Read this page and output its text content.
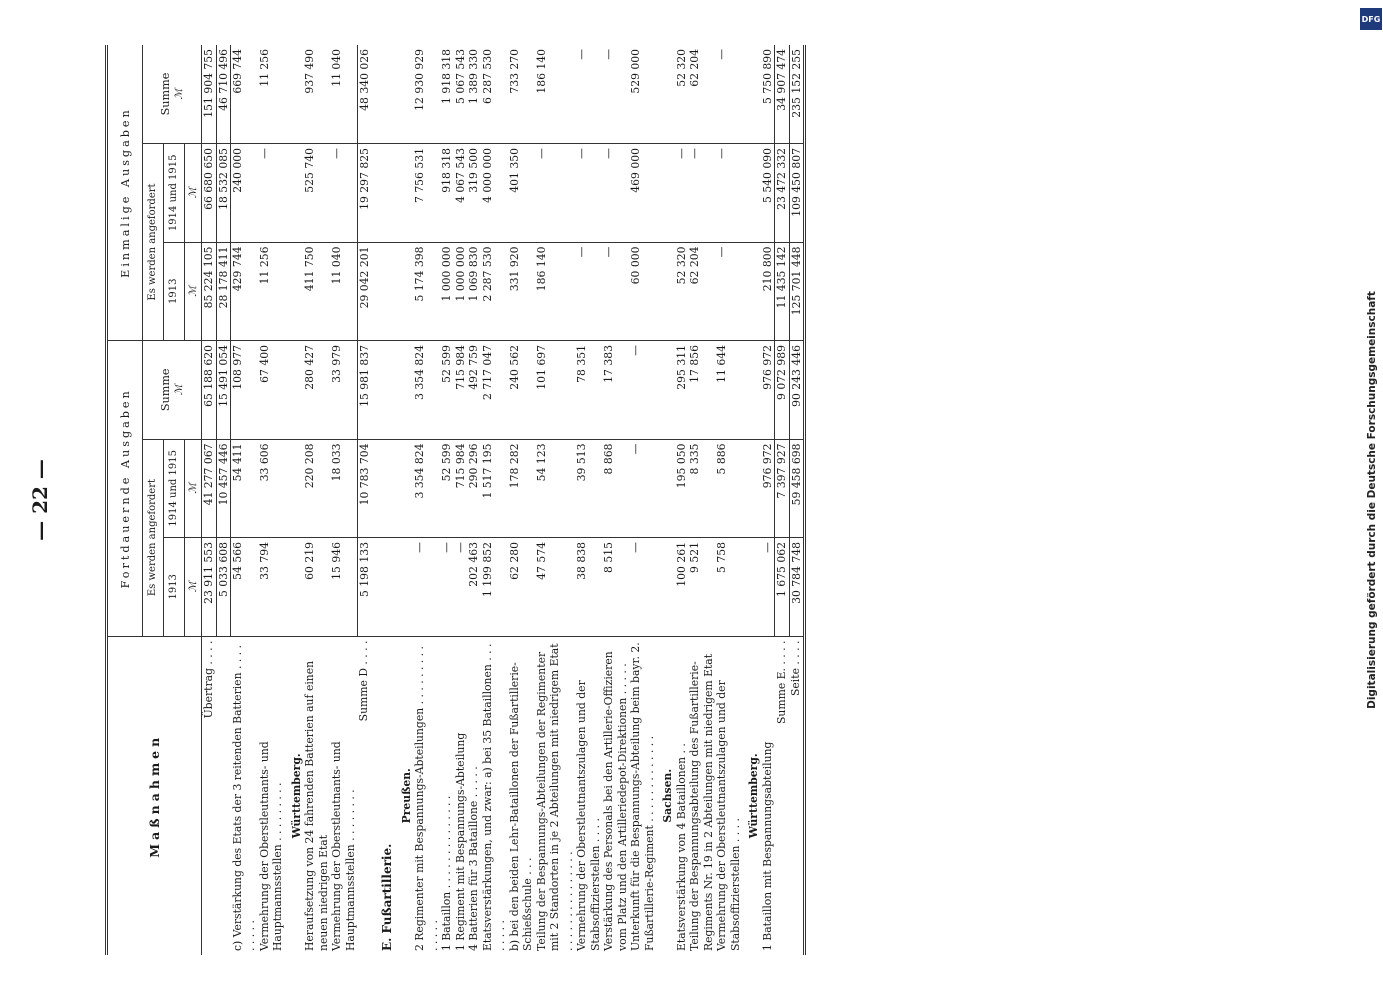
— 22 —
DFG
Digitalisierung gefördert durch die Deutsche Forschungsgemeinschaft
Maßnahmen	Fortdauernde Ausgaben			Einmalige Ausgaben		
	Es werden angefordert		Summe ℳ	Es werden angefordert		Summe ℳ
	1913	1914 und 1915		1913	1914 und 1915	
	ℳ	ℳ		ℳ	ℳ	
Übertrag . . . .	23 911 553	41 277 067	65 188 620	85 224 105	66 680 650	151 904 755
	5 033 608	10 457 446	15 491 054	28 178 411	18 532 085	46 710 496
c) Verstärkung des Etats der 3 reitenden Batterien . . . . . . . . .	54 566	54 411	108 977	429 744	240 000	669 744
Vermehrung der Oberstleutnants- und Hauptmannsstellen . . . . . . . . .	33 794	33 606	67 400	11 256	—	11 256
Württemberg.						
Heraufsetzung von 24 fahrenden Batterien auf einen neuen niedrigen Etat	60 219	220 208	280 427	411 750	525 740	937 490
Vermehrung der Oberstleutnants- und Hauptmannsstellen . . . . . . . .	15 946	18 033	33 979	11 040	—	11 040
Summe D . . . .	5 198 133	10 783 704	15 981 837	29 042 201	19 297 825	48 340 026
E. Fußartillerie.						
Preußen.						
2 Regimenter mit Bespannungs-Abteilungen . . . . . . . . . . . . . .	—	3 354 824	3 354 824	5 174 398	7 756 531	12 930 929
1 Bataillon . . . . . . . . . . . . . .	—	52 599	52 599	1 000 000	918 318	1 918 318
1 Regiment mit Bespannungs-Abteilung	—	715 984	715 984	1 000 000	4 067 543	5 067 543
4 Batterien für 3 Bataillone . . . . .	202 463	290 296	492 759	1 069 830	319 500	1 389 330
Etatsverstärkungen, und zwar: a) bei 35 Bataillonen . . . . . . . .	1 199 852	1 517 195	2 717 047	2 287 530	4 000 000	6 287 530
b) bei den beiden Lehr-Bataillonen der Fußartillerie-Schießschule . . .	62 280	178 282	240 562	331 920	401 350	733 270
Teilung der Bespannungs-Abteilungen der Regimenter mit 2 Standorten in je 2 Abteilungen mit niedrigem Etat . . . . . . . . . . . . . . .	47 574	54 123	101 697	186 140	—	186 140
Vermehrung der Oberstleutnantszulagen und der Stabsoffizierstellen . . . .	38 838	39 513	78 351	—	—	—
Verstärkung des Personals bei den Artillerie-Offizieren vom Platz und den Artilleriedepot-Direktionen . . . . .	8 515	8 868	17 383	—	—	—
Unterkunft für die Bespannungs-Abteilung beim bayr. 2. Fußartillerie-Regiment . . . . . . . . . . . . .	—	—	—	60 000	469 000	529 000
Sachsen.						
Etatsverstärkung von 4 Bataillonen . .	100 261	195 050	295 311	52 320	—	52 320
Teilung der Bespannungsabteilung des Fußartillerie-Regiments Nr. 19 in 2 Abteilungen mit niedrigem Etat	9 521	8 335	17 856	62 204	—	62 204
Vermehrung der Oberstleutnantszulagen und der Stabsoffizierstellen . . . .	5 758	5 886	11 644	—	—	—
Württemberg.						
1 Bataillon mit Bespannungsabteilung	—	976 972	976 972	210 800	5 540 090	5 750 890
Summe E. . . . .	1 675 062	7 397 927	9 072 989	11 435 142	23 472 332	34 907 474
Seite . . . .	30 784 748	59 458 698	90 243 446	125 701 448	109 450 807	235 152 255
